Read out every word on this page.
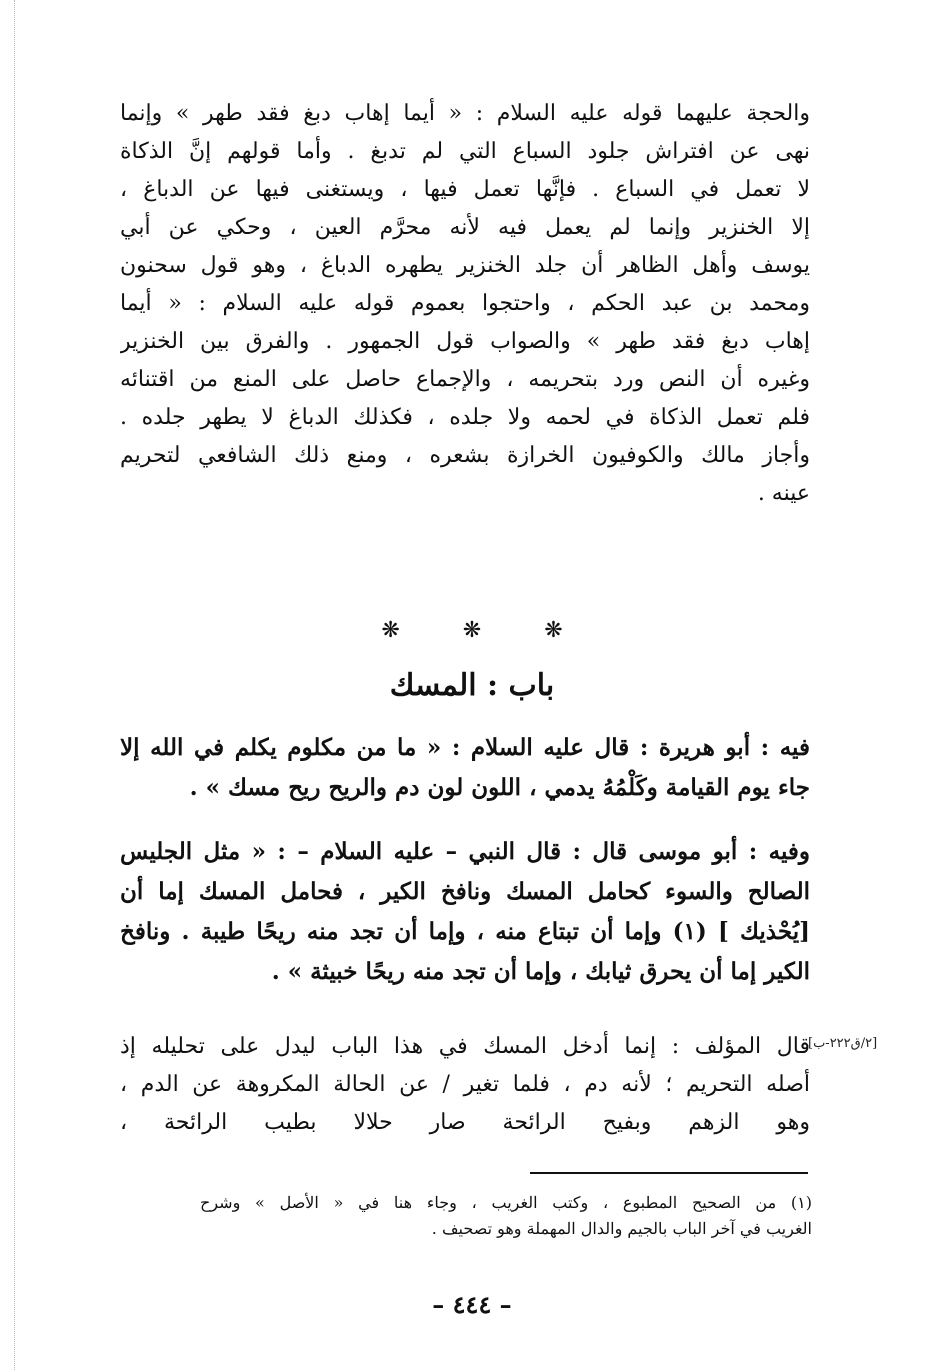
والحجة عليهما قوله عليه السلام : « أيما إهاب دبغ فقد طهر » وإنما
نهى عن افتراش جلود السباع التي لم تدبغ . وأما قولهم إنَّ الذكاة
لا تعمل في السباع . فإنَّها تعمل فيها ، ويستغنى فيها عن الدباغ ،
إلا الخنزير وإنما لم يعمل فيه لأنه محرَّم العين ، وحكي عن أبي
يوسف وأهل الظاهر أن جلد الخنزير يطهره الدباغ ، وهو قول سحنون
ومحمد بن عبد الحكم ، واحتجوا بعموم قوله عليه السلام : « أيما
إهاب دبغ فقد طهر » والصواب قول الجمهور . والفرق بين الخنزير
وغيره أن النص ورد بتحريمه ، والإجماع حاصل على المنع من اقتنائه
فلم تعمل الذكاة في لحمه ولا جلده ، فكذلك الدباغ لا يطهر جلده .
وأجاز مالك والكوفيون الخرازة بشعره ، ومنع ذلك الشافعي لتحريم
عينه .
❋	❋	❋
باب : المسك
فيه : أبو هريرة : قال عليه السلام : « ما من مكلوم يكلم في الله إلا
جاء يوم القيامة وكَلْمُهُ يدمي ، اللون لون دم والريح ريح مسك » .
وفيه : أبو موسى قال : قال النبي – عليه السلام – : « مثل الجليس
الصالح والسوء كحامل المسك ونافخ الكير ، فحامل المسك إما أن
[يُحْذيك ] (١) وإما أن تبتاع منه ، وإما أن تجد منه ريحًا طيبة . ونافخ
الكير إما أن يحرق ثيابك ، وإما أن تجد منه ريحًا خبيثة » .
[٢/ق٢٢٢-ب]
قال المؤلف : إنما أدخل المسك في هذا الباب ليدل على تحليله إذ
أصله التحريم ؛ لأنه دم ، فلما تغير / عن الحالة المكروهة عن الدم ،
وهو الزهم وبفيح الرائحة صار حلالا بطيب الرائحة ،
(١) من الصحيح المطبوع ، وكتب الغريب ، وجاء هنا في « الأصل » وشرح
الغريب في آخر الباب بالجيم والدال المهملة وهو تصحيف .
– ٤٤٤ –
